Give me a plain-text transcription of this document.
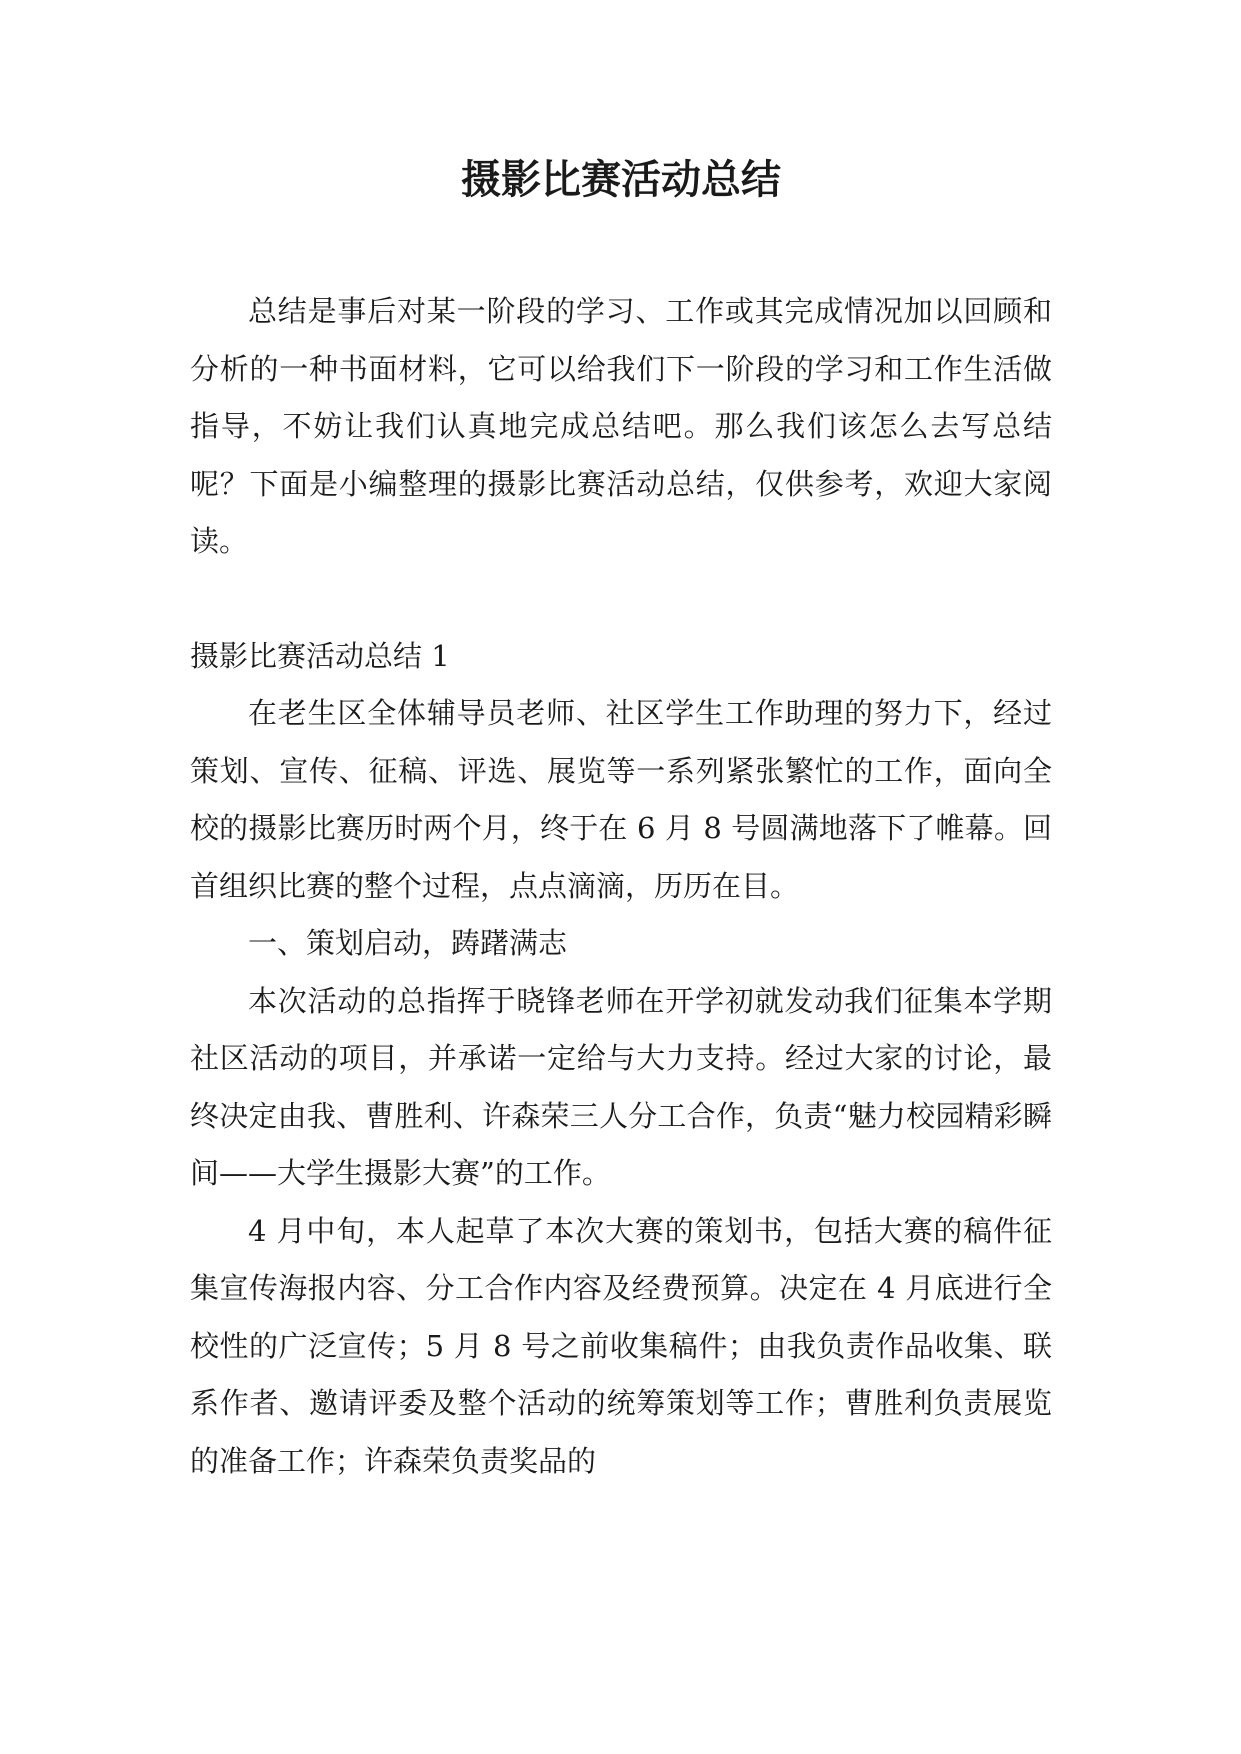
摄影比赛活动总结

总结是事后对某一阶段的学习、工作或其完成情况加以回顾和分析的一种书面材料，它可以给我们下一阶段的学习和工作生活做指导，不妨让我们认真地完成总结吧。那么我们该怎么去写总结呢？下面是小编整理的摄影比赛活动总结，仅供参考，欢迎大家阅读。

摄影比赛活动总结 1

在老生区全体辅导员老师、社区学生工作助理的努力下，经过策划、宣传、征稿、评选、展览等一系列紧张繁忙的工作，面向全校的摄影比赛历时两个月，终于在 6 月 8 号圆满地落下了帷幕。回首组织比赛的整个过程，点点滴滴，历历在目。

一、策划启动，踌躇满志

本次活动的总指挥于晓锋老师在开学初就发动我们征集本学期社区活动的项目，并承诺一定给与大力支持。经过大家的讨论，最终决定由我、曹胜利、许森荣三人分工合作，负责“魅力校园精彩瞬间——大学生摄影大赛”的工作。

4 月中旬，本人起草了本次大赛的策划书，包括大赛的稿件征集宣传海报内容、分工合作内容及经费预算。决定在 4 月底进行全校性的广泛宣传；5 月 8 号之前收集稿件；由我负责作品收集、联系作者、邀请评委及整个活动的统筹策划等工作；曹胜利负责展览的准备工作；许森荣负责奖品的
